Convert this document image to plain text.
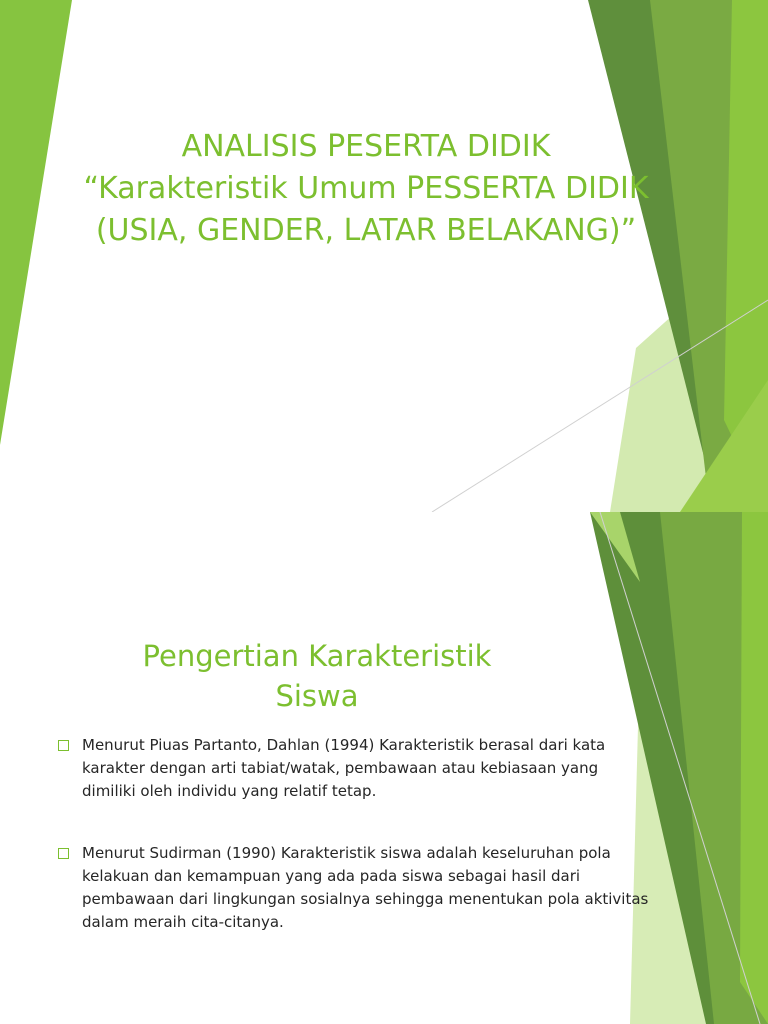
ANALISIS PESERTA DIDIK
“Karakteristik Umum PESSERTA DIDIK
(USIA, GENDER, LATAR BELAKANG)”
Pengertian Karakteristik
Siswa
Menurut Piuas Partanto, Dahlan (1994) Karakteristik berasal dari kata
karakter dengan arti tabiat/watak, pembawaan atau kebiasaan yang
dimiliki oleh individu yang relatif tetap.
Menurut Sudirman (1990) Karakteristik siswa adalah keseluruhan pola
kelakuan dan kemampuan yang ada pada siswa sebagai hasil dari
pembawaan dari lingkungan sosialnya sehingga menentukan pola aktivitas
dalam meraih cita-citanya.
